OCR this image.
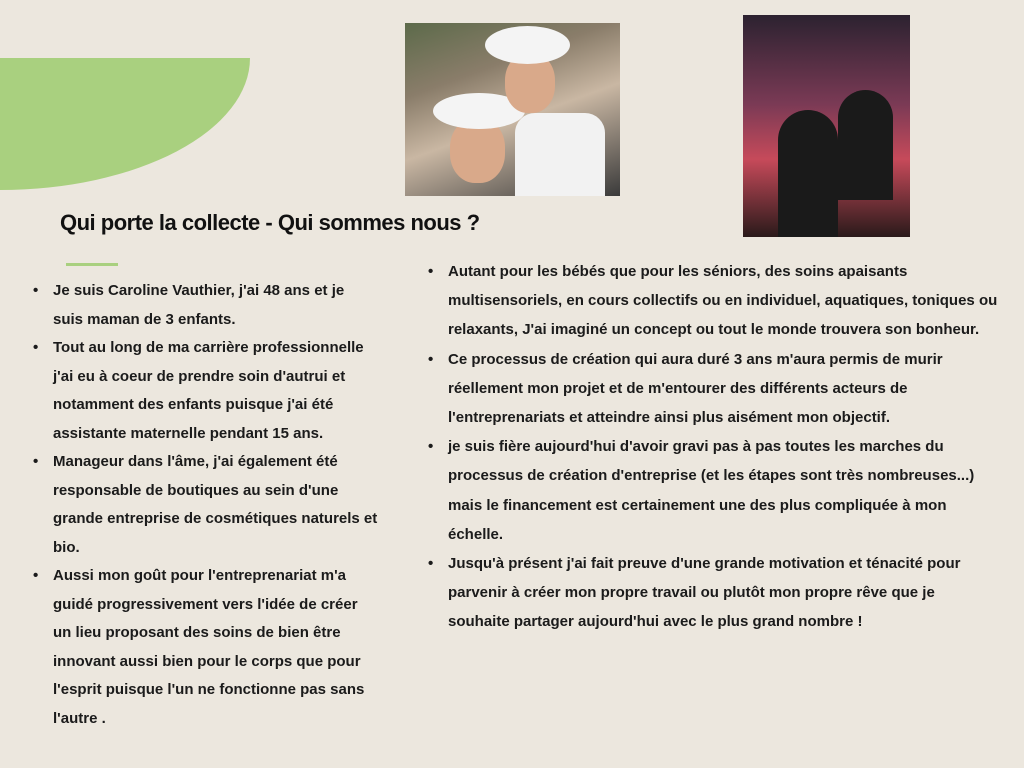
Qui porte la collecte - Qui sommes nous ?
• Je suis Caroline Vauthier, j'ai 48 ans et je suis maman de 3 enfants.
• Tout au long de ma carrière professionnelle j'ai eu à coeur de prendre soin d'autrui et notamment des enfants puisque j'ai été assistante maternelle pendant 15 ans.
• Manageur dans l'âme, j'ai également été responsable de boutiques au sein d'une grande entreprise de cosmétiques naturels et bio.
• Aussi mon goût pour l'entreprenariat m'a guidé progressivement vers l'idée de créer un lieu proposant des soins de bien être innovant aussi bien pour le corps que pour l'esprit puisque l'un ne fonctionne pas sans l'autre .
• Autant pour les bébés que pour les séniors, des soins apaisants multisensoriels, en cours collectifs ou en individuel, aquatiques, toniques ou relaxants, J'ai imaginé un concept ou tout le monde trouvera son bonheur.
• Ce processus de création qui aura duré 3 ans m'aura permis de murir réellement mon projet et de m'entourer des différents acteurs de l'entreprenariats et atteindre ainsi plus aisément mon objectif.
• je suis fière aujourd'hui d'avoir gravi pas à pas toutes les marches du processus de création d'entreprise (et les étapes sont très nombreuses...) mais le financement est certainement une des plus compliquée à mon échelle.
• Jusqu'à présent j'ai fait preuve d'une grande motivation et ténacité pour parvenir à créer mon propre travail ou plutôt mon propre rêve que je souhaite partager aujourd'hui avec le plus grand nombre !
